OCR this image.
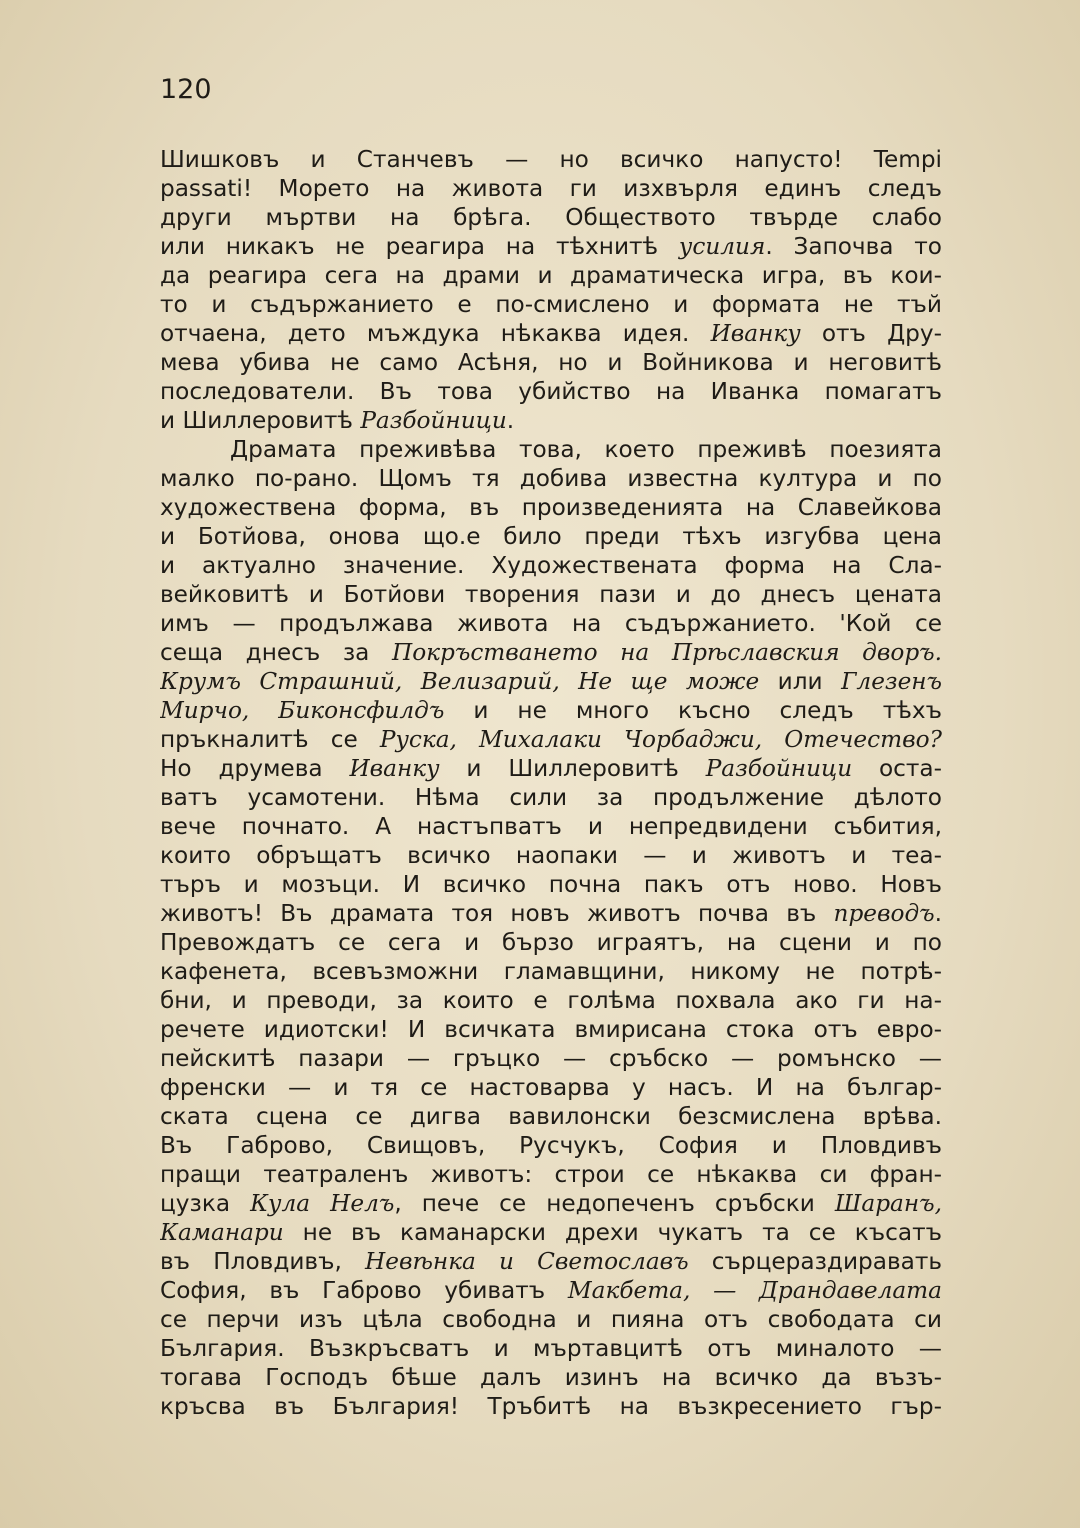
120
Шишковъ и Станчевъ — но всичко напусто! Tempi
passati! Морето на живота ги изхвърля единъ следъ
други мъртви на брѣга. Обществото твърде слабо
или никакъ не реагира на тѣхнитѣ усилия. Започва то
да реагира сега на драми и драматическа игра, въ кои-
то и съдържанието е по-смислено и формата не тъй
отчаена, дето мъждука нѣкаква идея. Иванку отъ Дру-
мева убива не само Асѣня, но и Войникова и неговитѣ
последователи. Въ това убийство на Иванка помагатъ
и Шиллеровитѣ Разбойници.
Драмата преживѣва това, което преживѣ поезията
малко по-рано. Щомъ тя добива известна култура и по
художествена форма, въ произведенията на Славейкова
и Ботйова, онова що.е било преди тѣхъ изгубва цена
и актуално значение. Художествената форма на Сла-
вейковитѣ и Ботйови творения пази и до днесъ цената
имъ — продължава живота на съдържанието. 'Кой се
сеща днесъ за Покръстването на Прѣславския дворъ.
Крумъ Страшний, Велизарий, Не ще може или Глезенъ
Мирчо, Биконсфилдъ и не много късно следъ тѣхъ
пръкналитѣ се Руска, Михалаки Чорбаджи, Отечество?
Но друмева Иванку и Шиллеровитѣ Разбойници оста-
ватъ усамотени. Нѣма сили за продължение дѣлото
вече почнато. А настъпватъ и непредвидени събития,
които обръщатъ всичко наопаки — и животъ и теа-
търъ и мозъци. И всичко почна пакъ отъ ново. Новъ
животъ! Въ драмата тоя новъ животъ почва въ преводъ.
Превождатъ се сега и бързо играятъ, на сцени и по
кафенета, всевъзможни гламавщини, никому не потрѣ-
бни, и преводи, за които е голѣма похвала ако ги на-
речете идиотски! И всичката вмирисана стока отъ евро-
пейскитѣ пазари — гръцко — сръбско — ромънско —
френски — и тя се настоварва у насъ. И на българ-
ската сцена се дигва вавилонски безсмислена врѣва.
Въ Габрово, Свищовъ, Русчукъ, София и Пловдивъ
пращи театраленъ животъ: строи се нѣкаква си фран-
цузка Кула Нелъ, пече се недопеченъ сръбски Шаранъ,
Каманари не въ каманарски дрехи чукатъ та се късатъ
въ Пловдивъ, Невѣнка и Светославъ сърцераздиравать
София, въ Габрово убиватъ Макбета, — Драндавелата
се перчи изъ цѣла свободна и пияна отъ свободата си
България. Възкръсватъ и мъртавцитѣ отъ миналото —
тогава Господъ бѣше далъ изинъ на всичко да възъ-
кръсва въ България! Тръбитѣ на възкресението гър-
